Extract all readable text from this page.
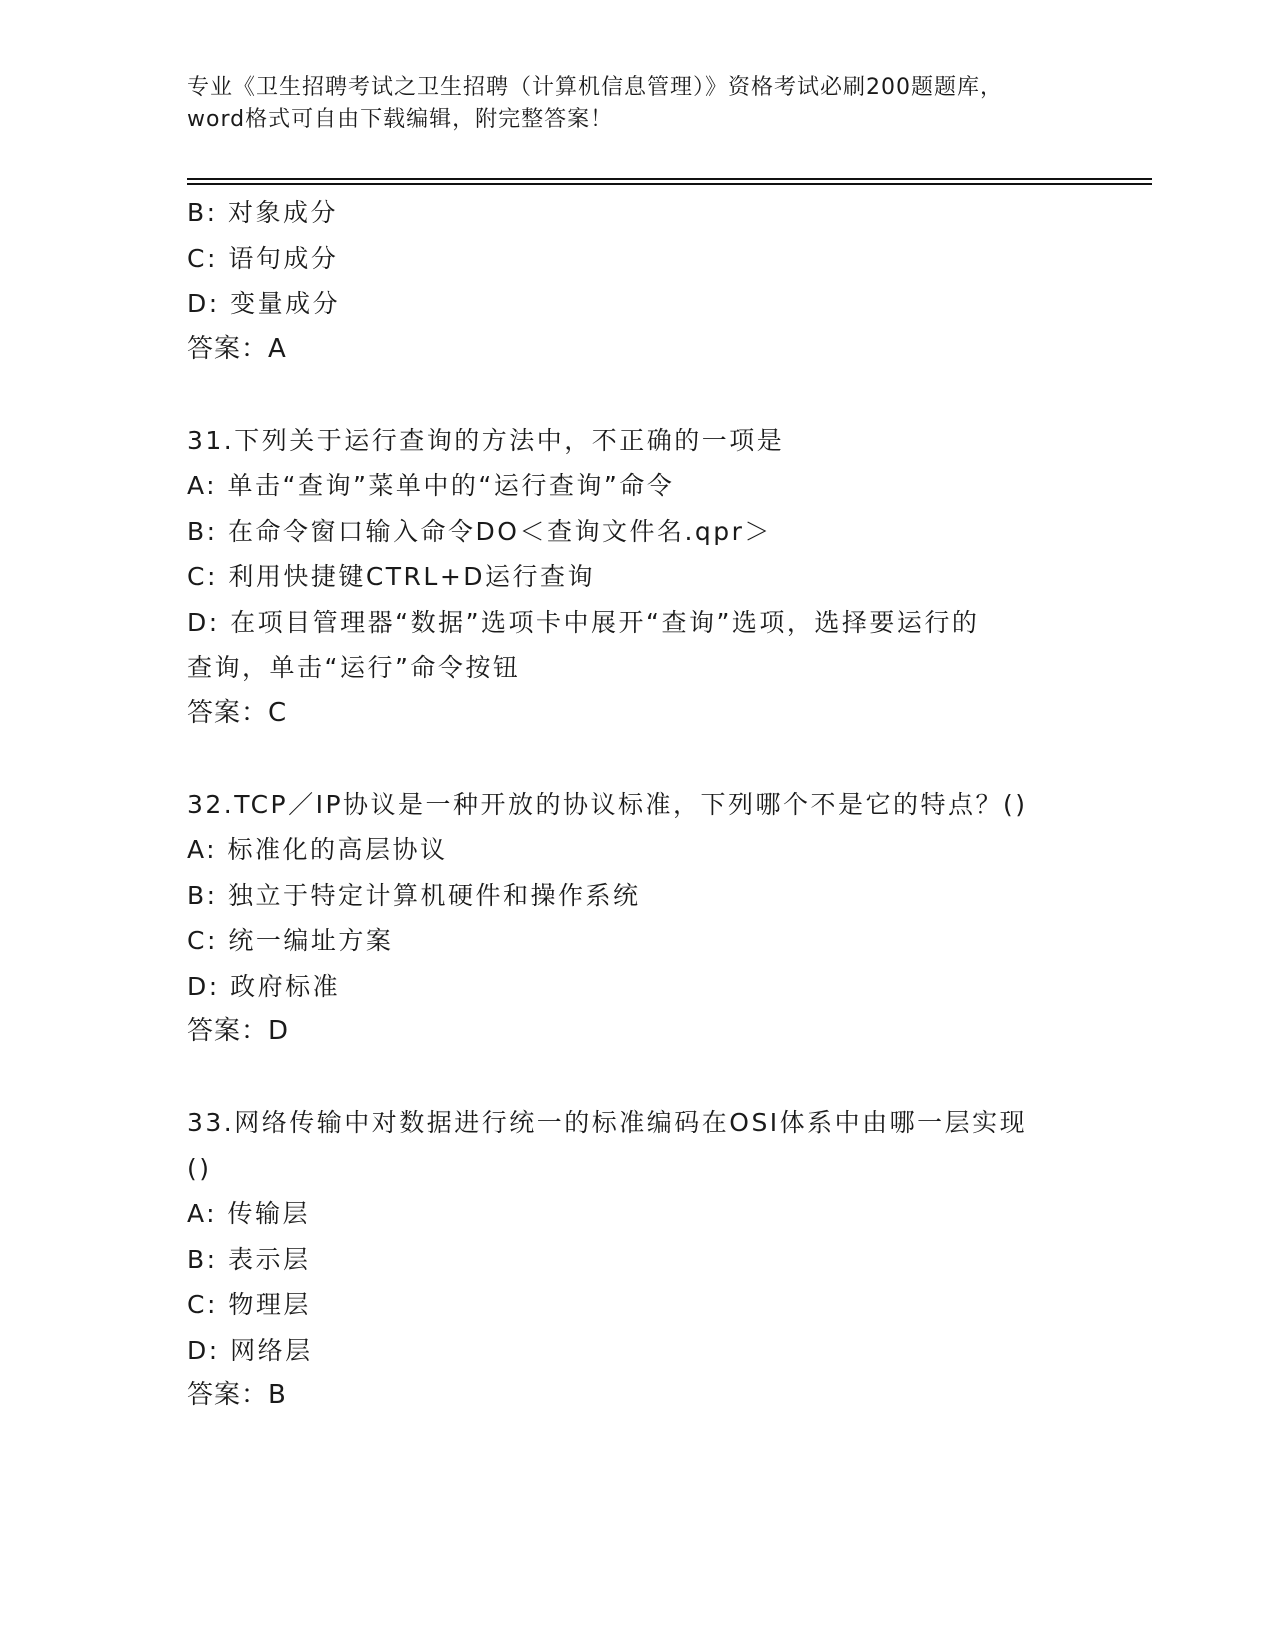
专业《卫生招聘考试之卫生招聘（计算机信息管理）》资格考试必刷200题题库，
word格式可自由下载编辑，附完整答案！
B: 对象成分
C: 语句成分
D: 变量成分
答案：A
31.下列关于运行查询的方法中，不正确的一项是
A: 单击“查询”菜单中的“运行查询”命令
B: 在命令窗口输入命令DO＜查询文件名.qpr＞
C: 利用快捷键CTRL+D运行查询
D: 在项目管理器“数据”选项卡中展开“查询”选项，选择要运行的
查询，单击“运行”命令按钮
答案：C
32.TCP／IP协议是一种开放的协议标准，下列哪个不是它的特点？()
A: 标准化的高层协议
B: 独立于特定计算机硬件和操作系统
C: 统一编址方案
D: 政府标准
答案：D
33.网络传输中对数据进行统一的标准编码在OSI体系中由哪一层实现
()
A: 传输层
B: 表示层
C: 物理层
D: 网络层
答案：B
